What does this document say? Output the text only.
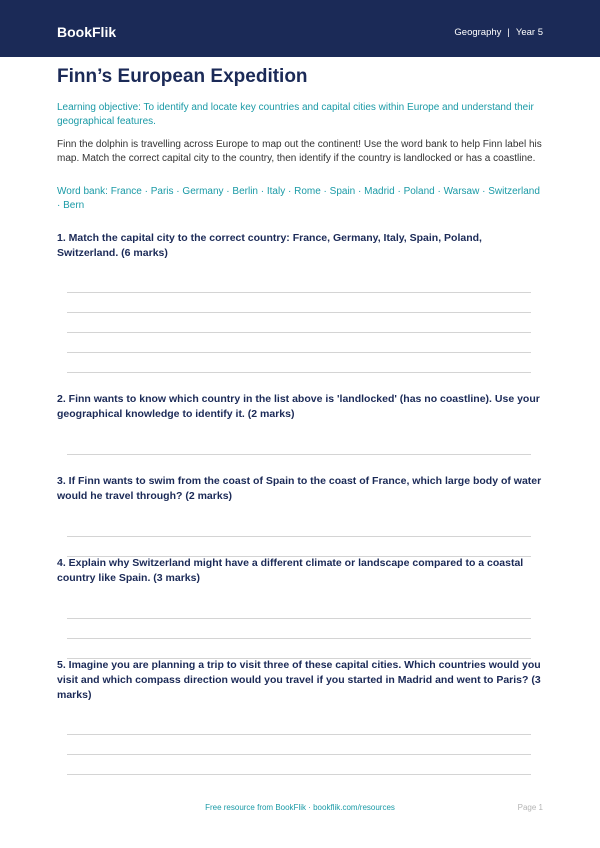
BookFlik	Geography | Year 5
Finn’s European Expedition

Learning objective: To identify and locate key countries and capital cities within Europe and understand their geographical features.

Finn the dolphin is travelling across Europe to map out the continent! Use the word bank to help Finn label his map. Match the correct capital city to the country, then identify if the country is landlocked or has a coastline.

Word bank: France · Paris · Germany · Berlin · Italy · Rome · Spain · Madrid · Poland · Warsaw · Switzerland · Bern

1. Match the capital city to the correct country: France, Germany, Italy, Spain, Poland, Switzerland. (6 marks)

2. Finn wants to know which country in the list above is 'landlocked' (has no coastline). Use your geographical knowledge to identify it. (2 marks)

3. If Finn wants to swim from the coast of Spain to the coast of France, which large body of water would he travel through? (2 marks)

4. Explain why Switzerland might have a different climate or landscape compared to a coastal country like Spain. (3 marks)

5. Imagine you are planning a trip to visit three of these capital cities. Which countries would you visit and which compass direction would you travel if you started in Madrid and went to Paris? (3 marks)

Free resource from BookFlik · bookflik.com/resources	Page 1
